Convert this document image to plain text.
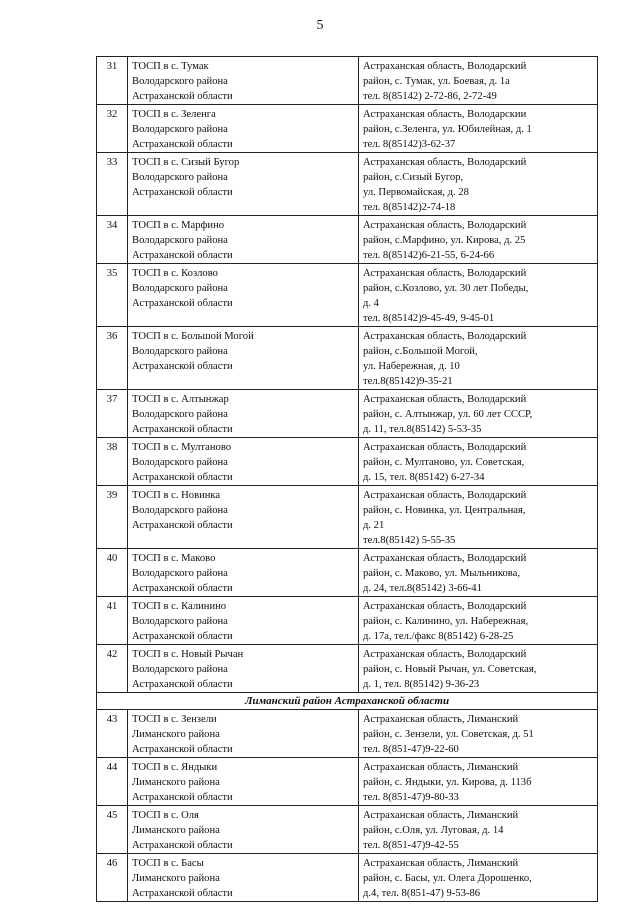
5
31	ТОСП в с. Тумак
Володарского района
Астраханской области	Астраханская область, Володарский
район, с. Тумак, ул. Боевая, д. 1а
тел. 8(85142) 2-72-86, 2-72-49

32	ТОСП в с. Зеленга
Володарского района
Астраханской области	Астраханская область, Володарскии
район, с.Зеленга, ул. Юбилейная, д. 1
тел. 8(85142)3-62-37

33	ТОСП в с. Сизый Бугор
Володарского района
Астраханской области	Астраханская область, Володарский
район, с.Сизый Бугор,
ул. Первомайская, д. 28
тел. 8(85142)2-74-18

34	ТОСП в с. Марфино
Володарского района
Астраханской области	Астраханская область, Володарский
район, с.Марфино, ул. Кирова, д. 25
тел. 8(85142)6-21-55, 6-24-66

35	ТОСП в с. Козлово
Володарского района
Астраханской области	Астраханская область, Володарский
район, с.Козлово, ул. 30 лет Победы,
д. 4
тел. 8(85142)9-45-49, 9-45-01

36	ТОСП в с. Большой Могой
Володарского района
Астраханской области	Астраханская область, Володарский
район, с.Большой Могой,
ул. Набережная, д. 10
тел.8(85142)9-35-21

37	ТОСП в с. Алтынжар
Володарского района
Астраханской области	Астраханская область, Володарский
район, с. Алтынжар, ул. 60 лет СССР,
д. 11, тел.8(85142) 5-53-35

38	ТОСП в с. Мултаново
Володарского района
Астраханской области	Астраханская область, Володарский
район, с. Мултаново, ул. Советская,
д. 15, тел. 8(85142) 6-27-34

39	ТОСП в с. Новинка
Володарского района
Астраханской области	Астраханская область, Володарский
район, с. Новинка, ул. Центральная,
д. 21
тел.8(85142) 5-55-35

40	ТОСП в с. Маково
Володарского района
Астраханской области	Астраханская область, Володарский
район, с. Маково, ул. Мыльникова,
д. 24, тел.8(85142) 3-66-41

41	ТОСП в с. Калинино
Володарского района
Астраханской области	Астраханская область, Володарский
район, с. Калинино, ул. Набережная,
д. 17а, тел./факс 8(85142) 6-28-25

42	ТОСП в с. Новый Рычан
Володарского района
Астраханской области	Астраханская область, Володарский
район, с. Новый Рычан, ул. Советская,
д. 1, тел. 8(85142) 9-36-23

Лиманский район Астраханской области		
43	ТОСП в с. Зензели
Лиманского района
Астраханской области	Астраханская область, Лиманский
район, с. Зензели, ул. Советская, д. 51
тел. 8(851-47)9-22-60

44	ТОСП в с. Яндыки
Лиманского района
Астраханской области	Астраханская область, Лиманский
район, с. Яндыки, ул. Кирова, д. 113б
тел. 8(851-47)9-80-33

45	ТОСП в с. Оля
Лиманского района
Астраханской области	Астраханская область, Лиманский
район, с.Оля, ул. Луговая, д. 14
тел. 8(851-47)9-42-55

46	ТОСП в с. Басы
Лиманского района
Астраханской области	Астраханская область, Лиманский
район, с. Басы, ул. Олега Дорошенко,
д.4, тел. 8(851-47) 9-53-86
